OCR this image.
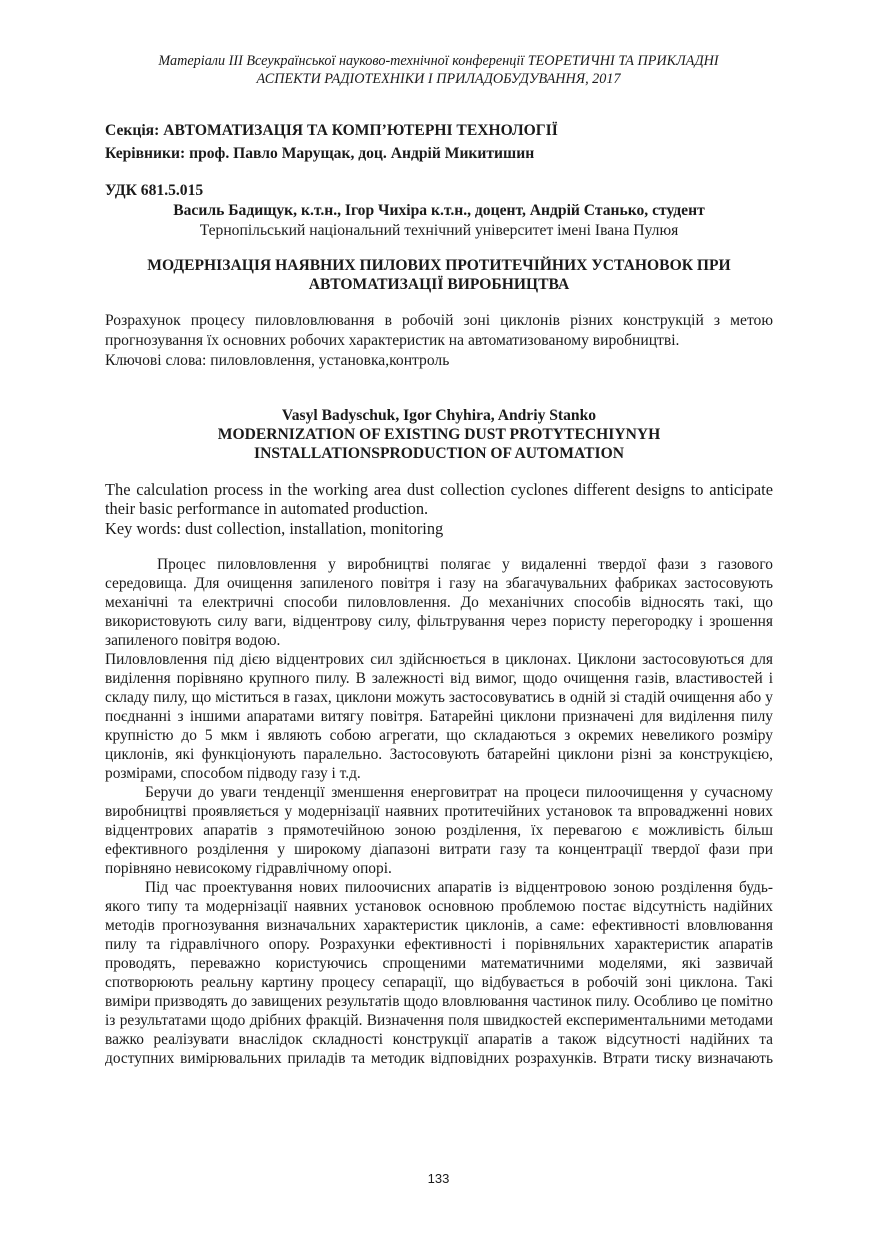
Матеріали ІІІ Всеукраїнської науково-технічної конференції ТЕОРЕТИЧНІ ТА ПРИКЛАДНІ
АСПЕКТИ РАДІОТЕХНІКИ І ПРИЛАДОБУДУВАННЯ, 2017
Секція: АВТОМАТИЗАЦІЯ ТА КОМП’ЮТЕРНІ ТЕХНОЛОГІЇ
Керівники: проф. Павло Марущак, доц. Андрій Микитишин
УДК 681.5.015
Василь Бадищук, к.т.н., Ігор Чихіра к.т.н., доцент, Андрій Станько, студент
Тернопільський національний технічний університет імені Івана Пулюя
МОДЕРНІЗАЦІЯ НАЯВНИХ ПИЛОВИХ ПРОТИТЕЧІЙНИХ УСТАНОВОК ПРИ
АВТОМАТИЗАЦІЇ ВИРОБНИЦТВА
Розрахунок процесу пиловловлювання в робочій зоні циклонів різних конструкцій з метою прогнозування їх основних робочих характеристик на автоматизованому виробництві.
Ключові слова: пиловловлення, установка,контроль
Vasyl Badyschuk, Igor Chyhira, Andriy Stanko
MODERNIZATION OF EXISTING DUST PROTYTECHIYNYH
INSTALLATIONSPRODUCTION OF AUTOMATION
The calculation process in the working area dust collection cyclones different designs to anticipate their basic performance in automated production.
Key words: dust collection, installation, monitoring

Процес пиловловлення у виробництві полягає у видаленні твердої фази з газового середовища. Для очищення запиленого повітря і газу на збагачувальних фабриках застосовують механічні та електричні способи пиловловлення. До механічних способів відносять такі, що використовують силу ваги, відцентрову силу, фільтрування через пористу перегородку і зрошення запиленого повітря водою.

Пиловловлення під дією відцентрових сил здійснюється в циклонах. Циклони застосовуються для виділення порівняно крупного пилу. В залежності від вимог, щодо очищення газів, властивостей і складу пилу, що міститься в газах, циклони можуть застосовуватись в одній зі стадій очищення або у поєднанні з іншими апаратами витягу повітря. Батарейні циклони призначені для виділення пилу крупністю до 5 мкм і являють собою агрегати, що складаються з окремих невеликого розміру циклонів, які функціонують паралельно. Застосовують батарейні циклони різні за конструкцією, розмірами, способом підводу газу і т.д.

Беручи до уваги тенденції зменшення енерговитрат на процеси пилоочищення у сучасному виробництві проявляється у модернізації наявних протитечійних установок та впровадженні нових відцентрових апаратів з прямотечійною зоною розділення, їх перевагою є можливість більш ефективного розділення у широкому діапазоні витрати газу та концентрації твердої фази при порівняно невисокому гідравлічному опорі.

Під час проектування нових пилоочисних апаратів із відцентровою зоною розділення будь-якого типу та модернізації наявних установок основною проблемою постає відсутність надійних методів прогнозування визначальних характеристик циклонів, а саме: ефективності вловлювання пилу та гідравлічного опору. Розрахунки ефективності і порівняльних характеристик апаратів проводять, переважно користуючись спрощеними математичними моделями, які зазвичай спотворюють реальну картину процесу сепарації, що відбувається в робочій зоні циклона. Такі виміри призводять до завищених результатів щодо вловлювання частинок пилу. Особливо це помітно із результатами щодо дрібних фракцій. Визначення поля швидкостей експериментальними методами важко реалізувати внаслідок складності конструкції апаратів а також відсутності надійних та доступних вимірювальних приладів та методик відповідних розрахунків. Втрати тиску визначають

133
